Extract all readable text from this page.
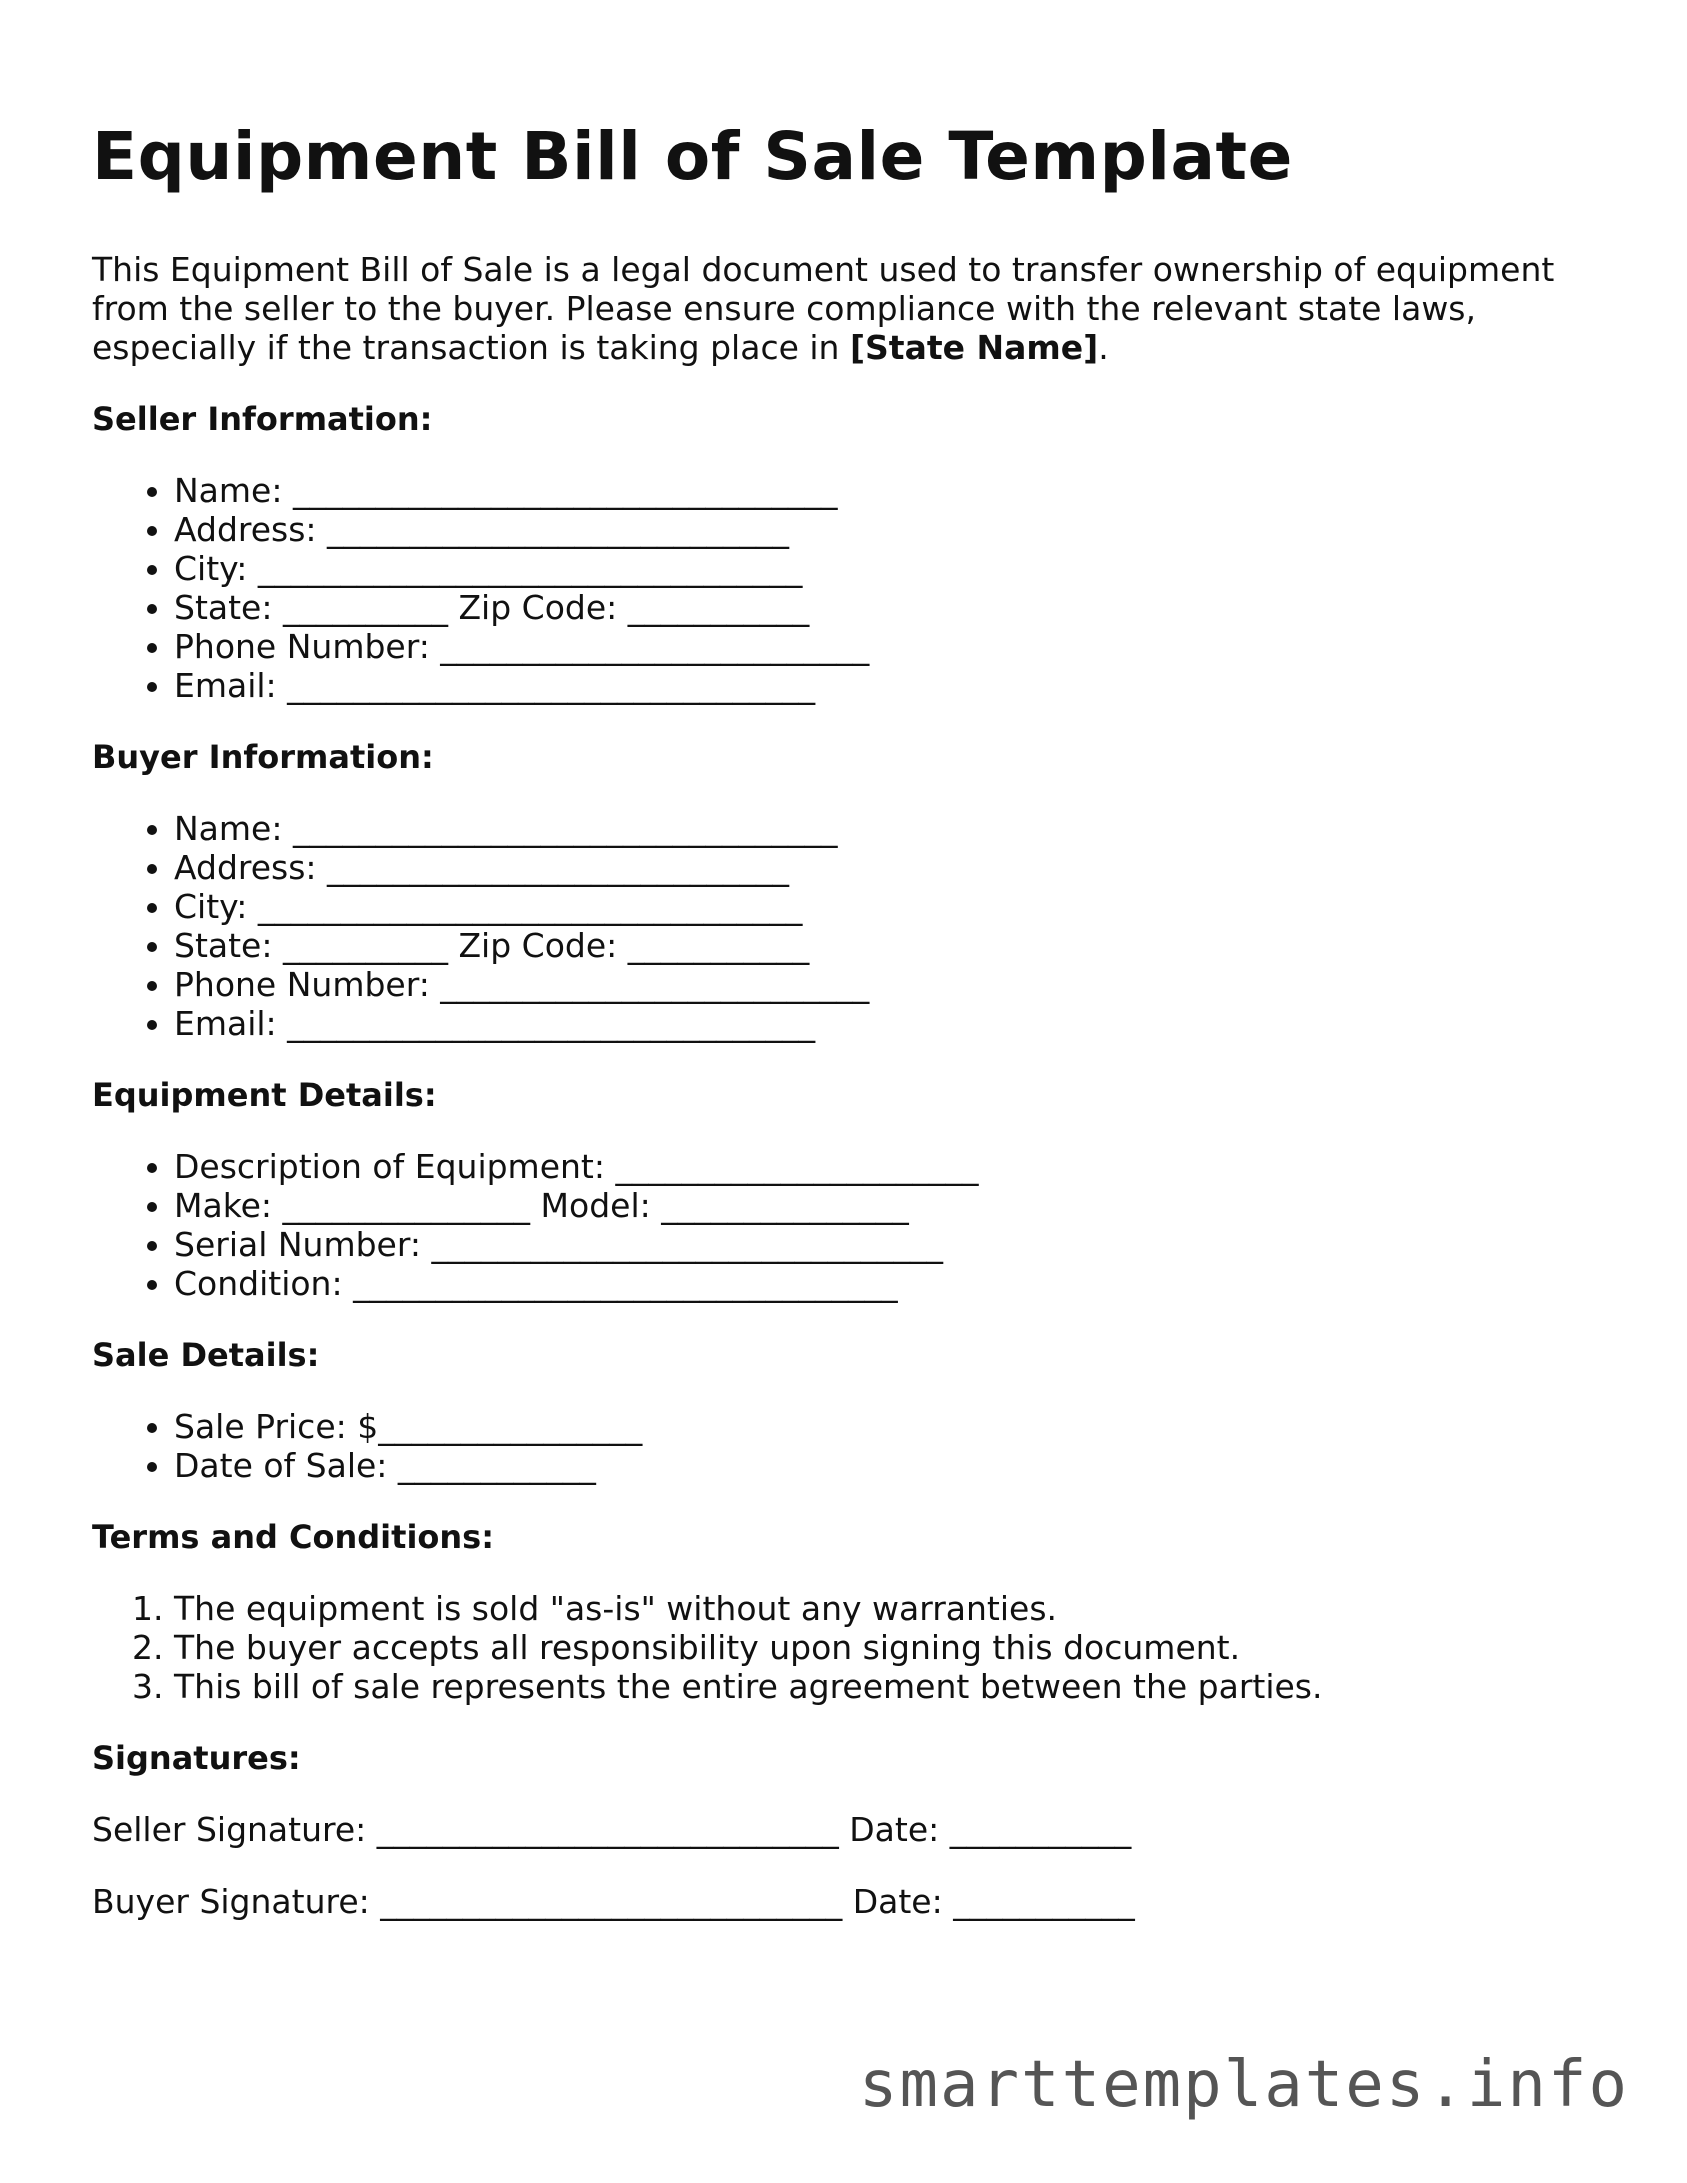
Equipment Bill of Sale Template

This Equipment Bill of Sale is a legal document used to transfer ownership of equipment from the seller to the buyer. Please ensure compliance with the relevant state laws, especially if the transaction is taking place in [State Name].

Seller Information:
• Name: _________________________________
• Address: ____________________________
• City: _________________________________
• State: __________ Zip Code: ___________
• Phone Number: __________________________
• Email: ________________________________
Buyer Information:
• Name: _________________________________
• Address: ____________________________
• City: _________________________________
• State: __________ Zip Code: ___________
• Phone Number: __________________________
• Email: ________________________________
Equipment Details:
• Description of Equipment: ______________________
• Make: _______________ Model: _______________
• Serial Number: _______________________________
• Condition: _________________________________
Sale Details:
• Sale Price: $________________
• Date of Sale: ____________
Terms and Conditions:
1. The equipment is sold "as-is" without any warranties.
2. The buyer accepts all responsibility upon signing this document.
3. This bill of sale represents the entire agreement between the parties.
Signatures:

Seller Signature: ____________________________ Date: ___________

Buyer Signature: ____________________________ Date: ___________

smarttemplates.info
